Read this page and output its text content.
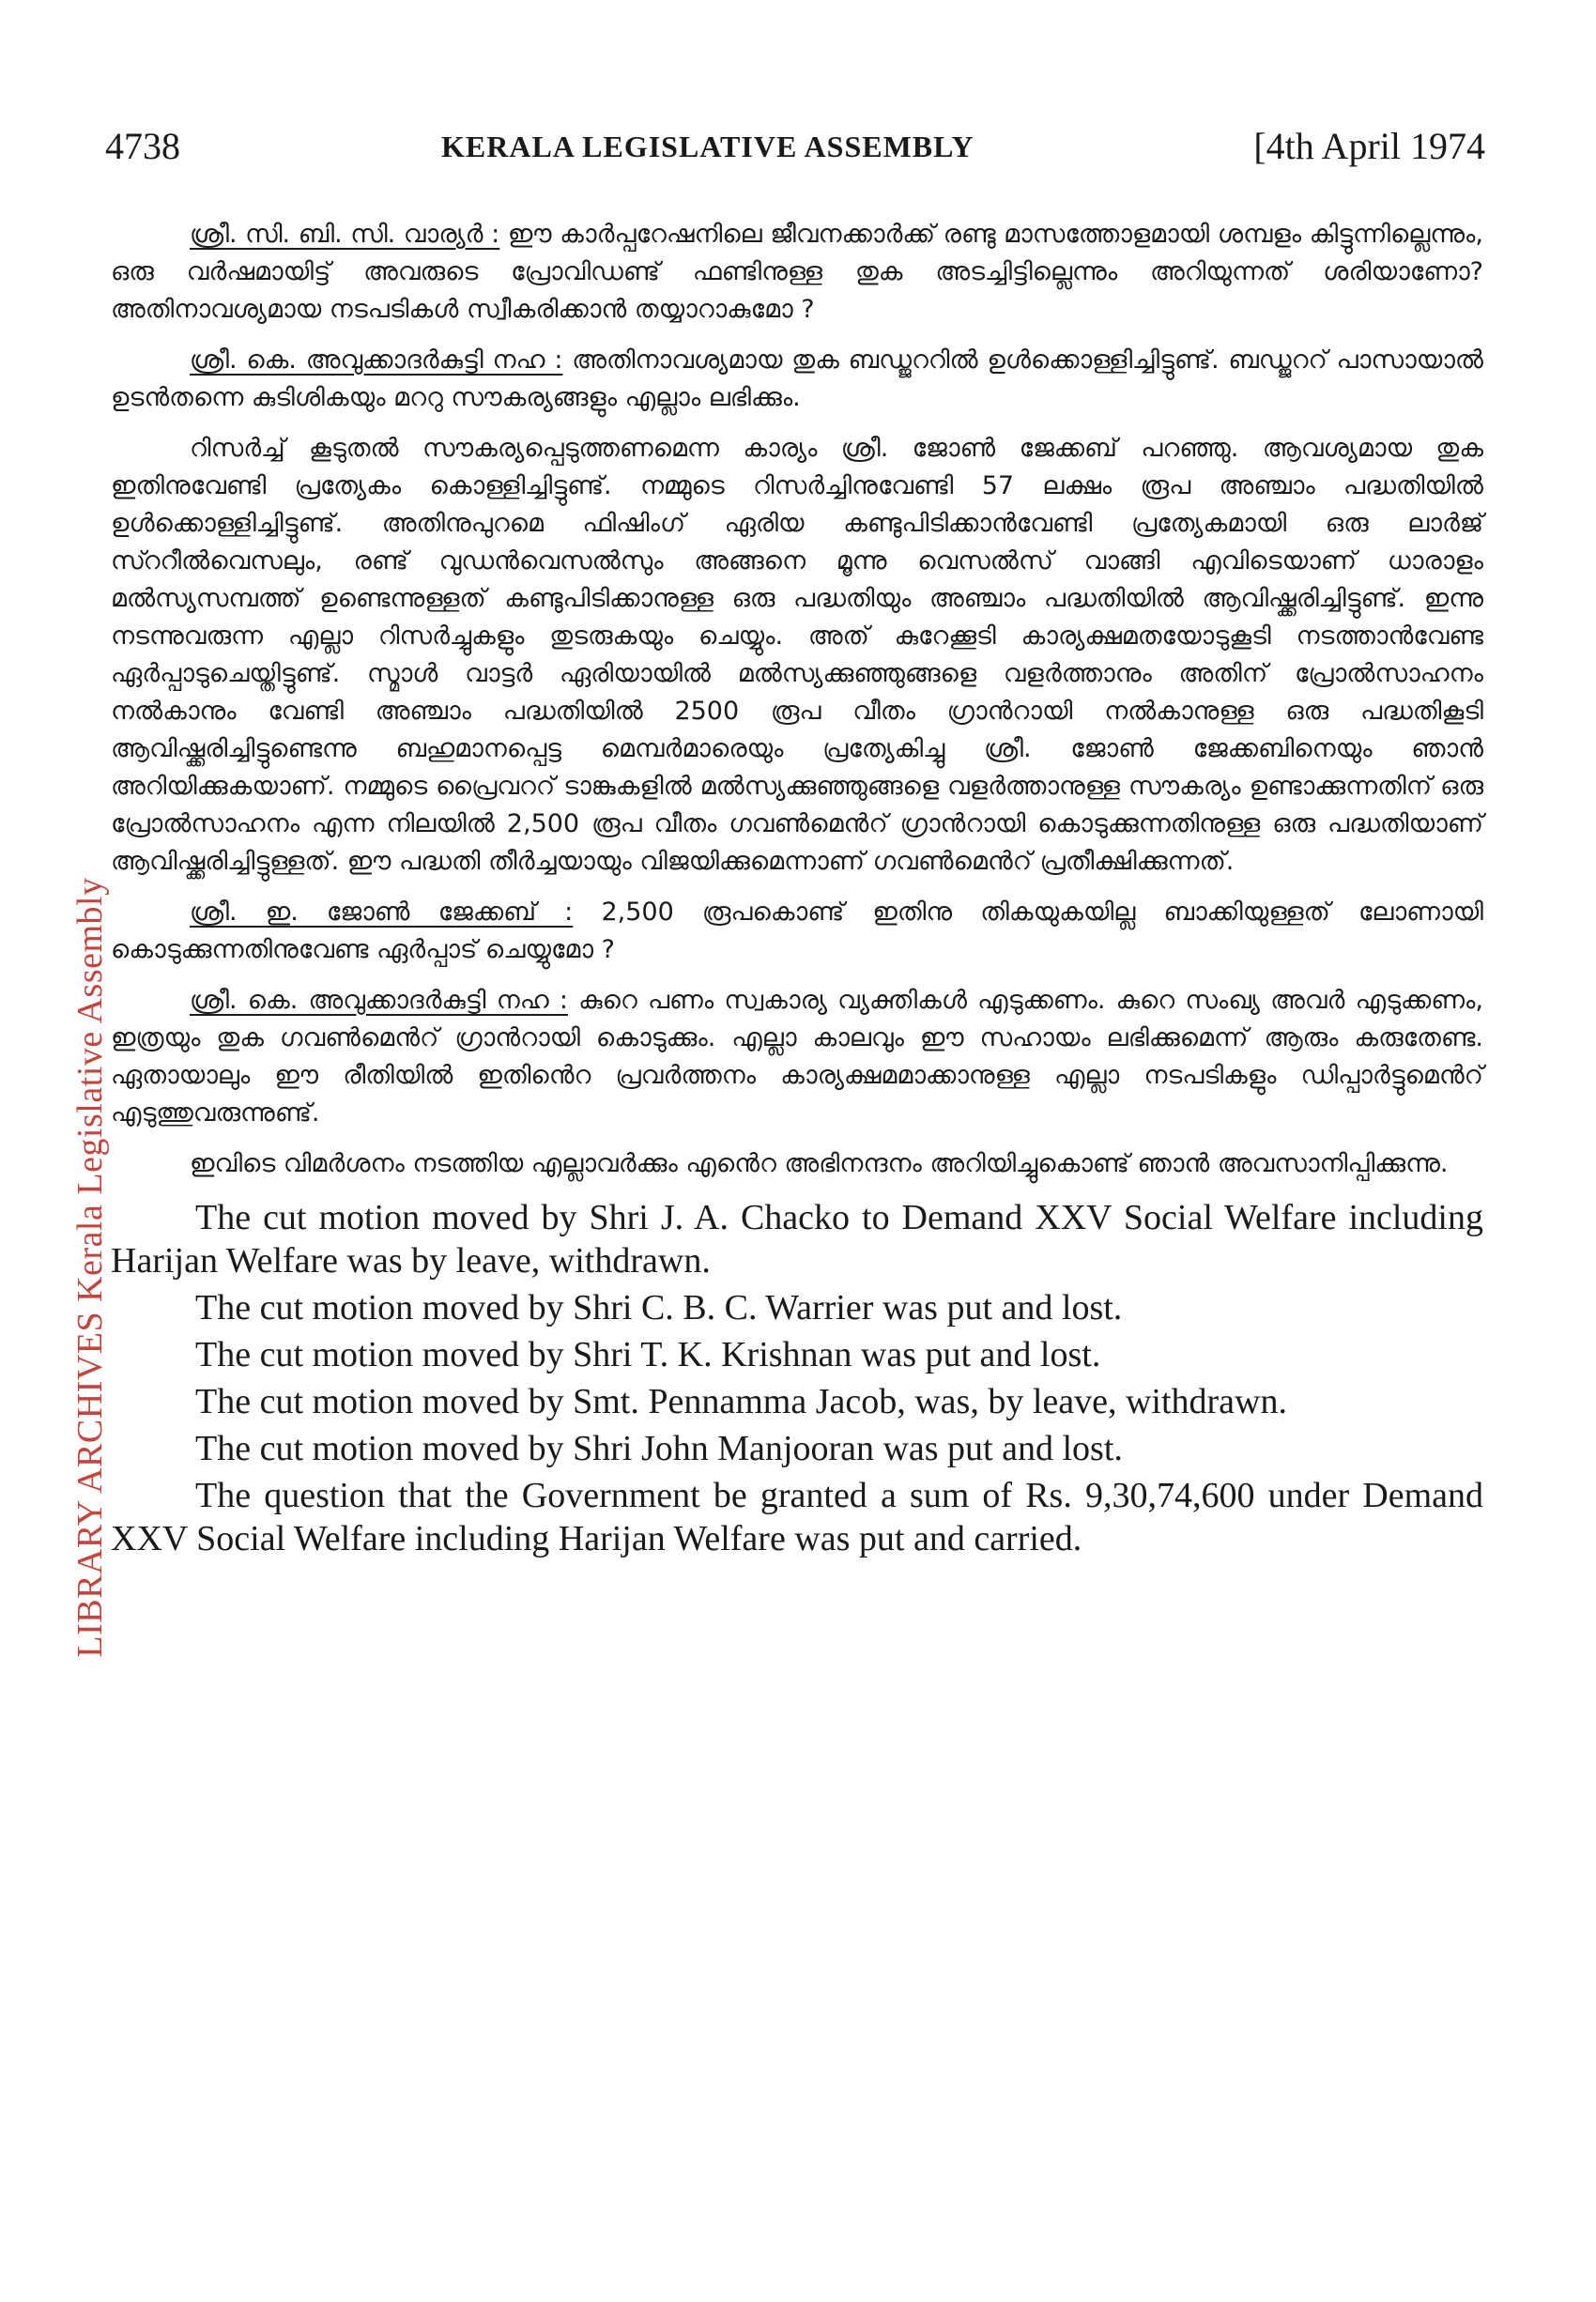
LIBRARY ARCHIVES Kerala Legislative Assembly
4738	KERALA LEGISLATIVE ASSEMBLY	[4th April 1974

ശ്രീ. സി. ബി. സി. വാര്യർ : ഈ കാർപ്പറേഷനിലെ ജീവനക്കാർക്ക് രണ്ടു മാസത്തോളമായി ശമ്പളം കിട്ടുന്നില്ലെന്നും, ഒരു വർഷമായിട്ട് അവരുടെ പ്രോവിഡണ്ട് ഫണ്ടിനുള്ള തുക അടച്ചിട്ടില്ലെന്നും അറിയുന്നത് ശരിയാണോ? അതിനാവശ്യമായ നടപടികൾ സ്വീകരിക്കാൻ തയ്യാറാകുമോ ?

ശ്രീ. കെ. അവുക്കാദർകുട്ടി നഹ : അതിനാവശ്യമായ തുക ബഡ്ജററിൽ ഉൾക്കൊള്ളിച്ചിട്ടുണ്ട്. ബഡ്ജററ് പാസായാൽ ഉടൻതന്നെ കുടിശികയും മററു സൗകര്യങ്ങളും എല്ലാം ലഭിക്കും.

റിസർച്ച് കൂടുതൽ സൗകര്യപ്പെടുത്തണമെന്ന കാര്യം ശ്രീ. ജോൺ ജേക്കബ് പറഞ്ഞു. ആവശ്യമായ തുക ഇതിനുവേണ്ടി പ്രത്യേകം കൊള്ളിച്ചിട്ടുണ്ട്. നമ്മുടെ റിസർച്ചിനുവേണ്ടി 57 ലക്ഷം രൂപ അഞ്ചാം പദ്ധതിയിൽ ഉൾക്കൊള്ളിച്ചിട്ടുണ്ട്. അതിനുപുറമെ ഫിഷിംഗ് ഏരിയ കണ്ടുപിടിക്കാൻവേണ്ടി പ്രത്യേകമായി ഒരു ലാർജ് സ്ററീൽവെസലും, രണ്ട് വുഡൻവെസൽസും അങ്ങനെ മൂന്നു വെസൽസ് വാങ്ങി എവിടെയാണ് ധാരാളം മൽസ്യസമ്പത്ത് ഉണ്ടെന്നുള്ളത് കണ്ടുപിടിക്കാനുള്ള ഒരു പദ്ധതിയും അഞ്ചാം പദ്ധതിയിൽ ആവിഷ്ക്കരിച്ചിട്ടുണ്ട്. ഇന്നു നടന്നുവരുന്ന എല്ലാ റിസർച്ചുകളും തുടരുകയും ചെയ്യും. അത് കുറേക്കൂടി കാര്യക്ഷമതയോടുകൂടി നടത്താൻവേണ്ട ഏർപ്പാടുചെയ്തിട്ടുണ്ട്. സ്മാൾ വാട്ടർ ഏരിയായിൽ മൽസ്യക്കുഞ്ഞുങ്ങളെ വളർത്താനും അതിന് പ്രോൽസാഹനം നൽകാനും വേണ്ടി അഞ്ചാം പദ്ധതിയിൽ 2500 രൂപ വീതം ഗ്രാൻറായി നൽകാനുള്ള ഒരു പദ്ധതികൂടി ആവിഷ്ക്കരിച്ചിട്ടുണ്ടെന്നു ബഹുമാനപ്പെട്ട മെമ്പർമാരെയും പ്രത്യേകിച്ചു ശ്രീ. ജോൺ ജേക്കബിനെയും ഞാൻ അറിയിക്കുകയാണ്. നമ്മുടെ പ്രൈവററ് ടാങ്കുകളിൽ മൽസ്യക്കുഞ്ഞുങ്ങളെ വളർത്താനുള്ള സൗകര്യം ഉണ്ടാക്കുന്നതിന് ഒരു പ്രോൽസാഹനം എന്ന നിലയിൽ 2,500 രൂപ വീതം ഗവൺമെൻറ് ഗ്രാൻറായി കൊടുക്കുന്നതിനുള്ള ഒരു പദ്ധതിയാണ് ആവിഷ്ക്കരിച്ചിട്ടുള്ളത്. ഈ പദ്ധതി തീർച്ചയായും വിജയിക്കുമെന്നാണ് ഗവൺമെൻറ് പ്രതീക്ഷിക്കുന്നത്.

ശ്രീ. ഇ. ജോൺ ജേക്കബ് : 2,500 രൂപകൊണ്ട് ഇതിനു തികയുകയില്ല ബാക്കിയുള്ളത് ലോണായി കൊടുക്കുന്നതിനുവേണ്ട ഏർപ്പാട് ചെയ്യുമോ ?

ശ്രീ. കെ. അവുക്കാദർകുട്ടി നഹ : കുറെ പണം സ്വകാര്യ വ്യക്തികൾ എടുക്കണം. കുറെ സംഖ്യ അവർ എടുക്കണം, ഇത്രയും തുക ഗവൺമെൻറ് ഗ്രാൻറായി കൊടുക്കും. എല്ലാ കാലവും ഈ സഹായം ലഭിക്കുമെന്ന് ആരും കരുതേണ്ട. ഏതായാലും ഈ രീതിയിൽ ഇതിൻെറ പ്രവർത്തനം കാര്യക്ഷമമാക്കാനുള്ള എല്ലാ നടപടികളും ഡിപ്പാർട്ടുമെൻറ് എടുത്തുവരുന്നുണ്ട്.

ഇവിടെ വിമർശനം നടത്തിയ എല്ലാവർക്കും എൻെറ അഭിനന്ദനം അറിയിച്ചുകൊണ്ട് ഞാൻ അവസാനിപ്പിക്കുന്നു.

The cut motion moved by Shri J. A. Chacko to Demand XXV Social Welfare including Harijan Welfare was by leave, withdrawn.

The cut motion moved by Shri C. B. C. Warrier was put and lost.

The cut motion moved by Shri T. K. Krishnan was put and lost.

The cut motion moved by Smt. Pennamma Jacob, was, by leave, withdrawn.

The cut motion moved by Shri John Manjooran was put and lost.

The question that the Government be granted a sum of Rs. 9,30,74,600 under Demand XXV Social Welfare including Harijan Welfare was put and carried.
